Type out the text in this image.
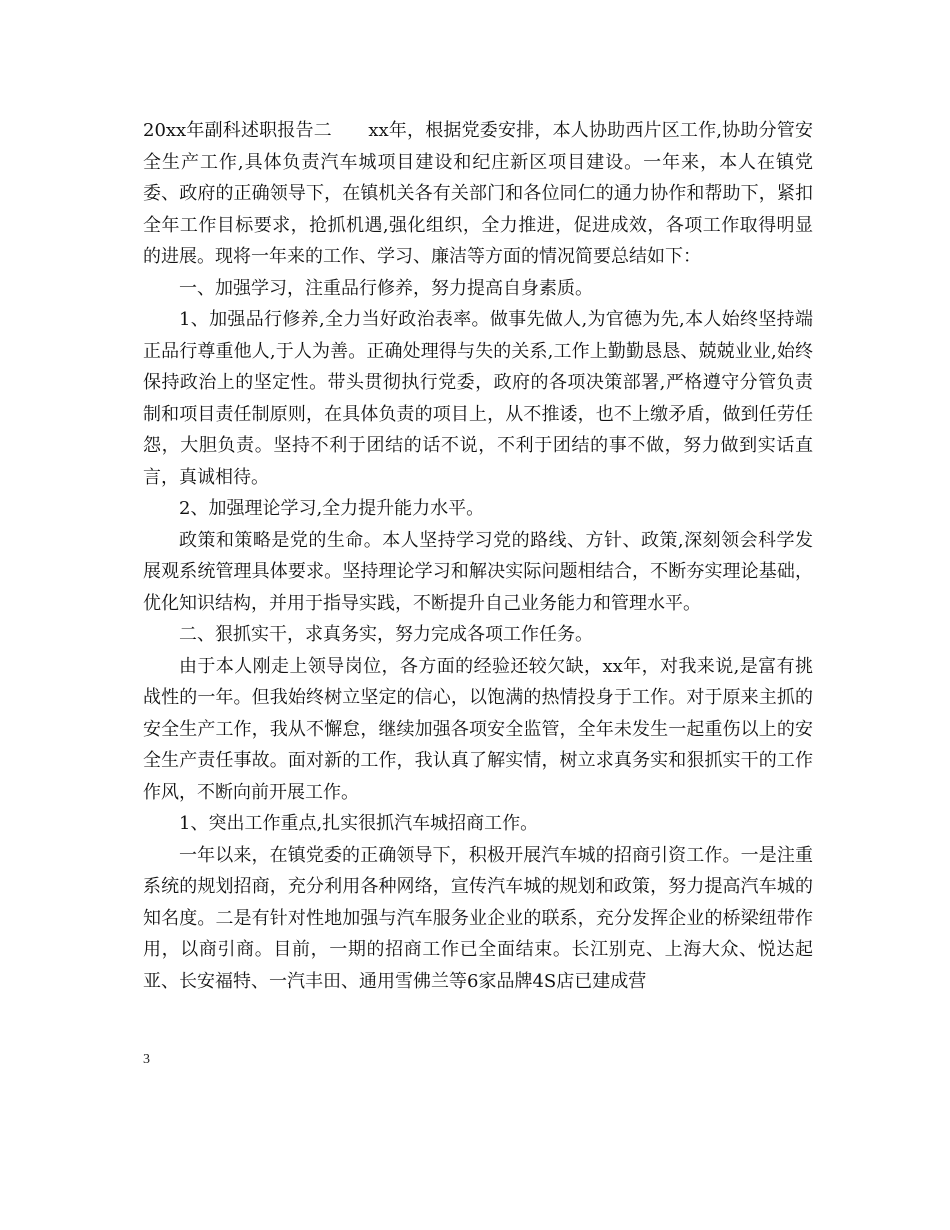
20xx年副科述职报告二　　xx年，根据党委安排，本人协助西片区工作,协助分管安全生产工作,具体负责汽车城项目建设和纪庄新区项目建设。一年来，本人在镇党委、政府的正确领导下，在镇机关各有关部门和各位同仁的通力协作和帮助下，紧扣全年工作目标要求，抢抓机遇,强化组织，全力推进，促进成效，各项工作取得明显的进展。现将一年来的工作、学习、廉洁等方面的情况简要总结如下：

一、加强学习，注重品行修养，努力提高自身素质。

1、加强品行修养,全力当好政治表率。做事先做人,为官德为先,本人始终坚持端正品行尊重他人,于人为善。正确处理得与失的关系,工作上勤勤恳恳、兢兢业业,始终保持政治上的坚定性。带头贯彻执行党委，政府的各项决策部署,严格遵守分管负责制和项目责任制原则，在具体负责的项目上，从不推诿，也不上缴矛盾，做到任劳任怨，大胆负责。坚持不利于团结的话不说，不利于团结的事不做，努力做到实话直言，真诚相待。

2、加强理论学习,全力提升能力水平。

政策和策略是党的生命。本人坚持学习党的路线、方针、政策,深刻领会科学发展观系统管理具体要求。坚持理论学习和解决实际问题相结合，不断夯实理论基础，优化知识结构，并用于指导实践，不断提升自己业务能力和管理水平。

二、狠抓实干，求真务实，努力完成各项工作任务。

由于本人刚走上领导岗位，各方面的经验还较欠缺，xx年，对我来说,是富有挑战性的一年。但我始终树立坚定的信心，以饱满的热情投身于工作。对于原来主抓的安全生产工作，我从不懈怠，继续加强各项安全监管，全年未发生一起重伤以上的安全生产责任事故。面对新的工作，我认真了解实情，树立求真务实和狠抓实干的工作作风，不断向前开展工作。

1、突出工作重点,扎实很抓汽车城招商工作。

一年以来，在镇党委的正确领导下，积极开展汽车城的招商引资工作。一是注重系统的规划招商，充分利用各种网络，宣传汽车城的规划和政策，努力提高汽车城的知名度。二是有针对性地加强与汽车服务业企业的联系，充分发挥企业的桥梁纽带作用，以商引商。目前，一期的招商工作已全面结束。长江别克、上海大众、悦达起亚、长安福特、一汽丰田、通用雪佛兰等6家品牌4S店已建成营

3
